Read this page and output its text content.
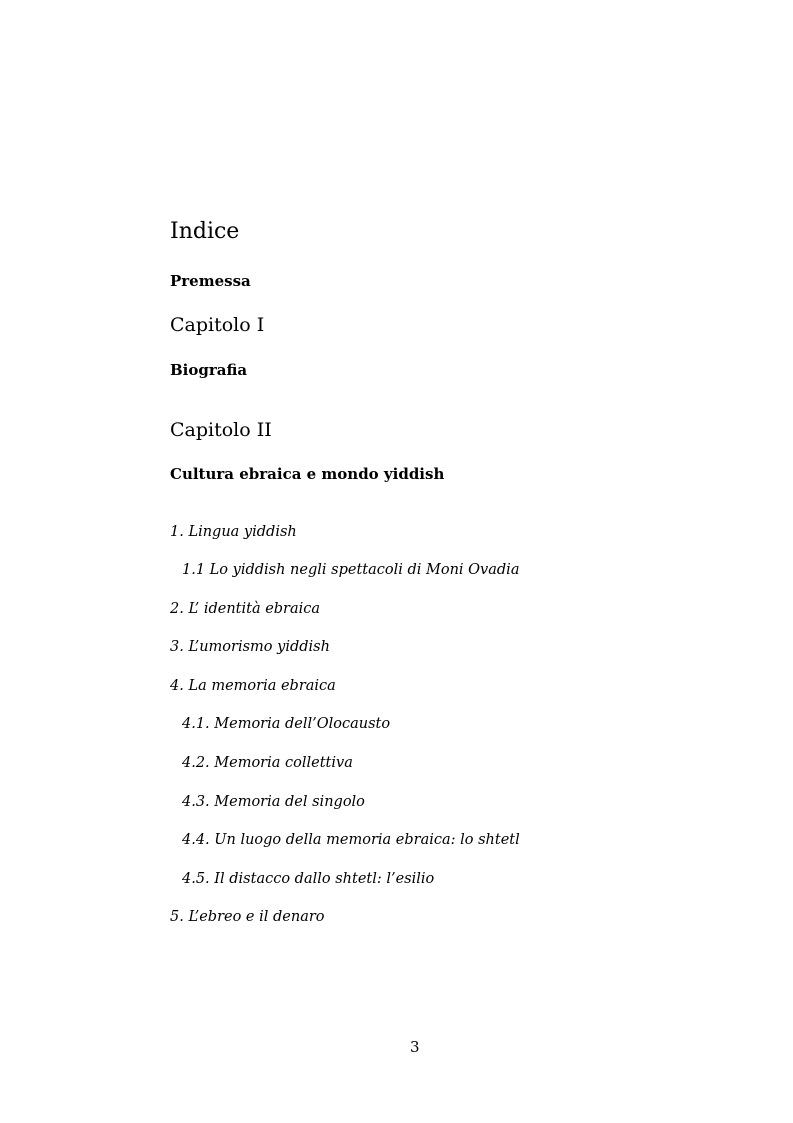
Indice
Premessa
Capitolo I
Biografia
Capitolo II
Cultura ebraica e mondo yiddish
1. Lingua yiddish
1.1 Lo yiddish negli spettacoli di Moni Ovadia
2. L’ identità ebraica
3. L’umorismo yiddish
4. La memoria ebraica
4.1. Memoria dell’Olocausto
4.2. Memoria collettiva
4.3. Memoria del singolo
4.4. Un luogo della memoria ebraica: lo shtetl
4.5. Il distacco dallo shtetl: l’esilio
5. L’ebreo e il denaro
3
